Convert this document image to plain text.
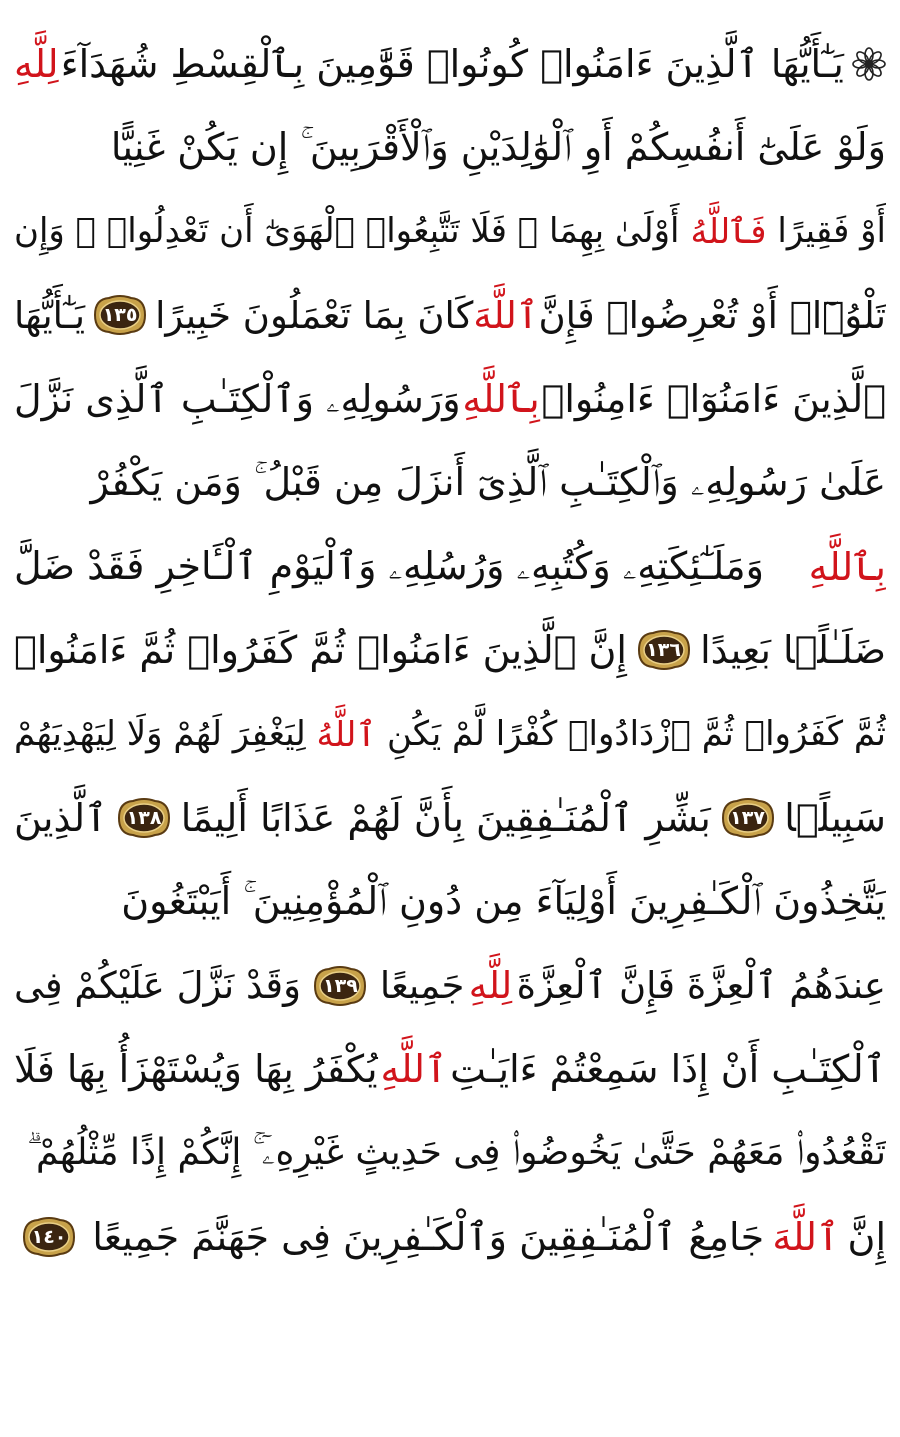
يَـٰٓأَيُّهَا ٱلَّذِينَ ءَامَنُوا۟ كُونُوا۟ قَوَّٰمِينَ بِٱلْقِسْطِ شُهَدَآءَ
لِلَّهِ
وَلَوْ عَلَىٰٓ أَنفُسِكُمْ أَوِ ٱلْوَٰلِدَيْنِ وَٱلْأَقْرَبِينَ ۚ إِن يَكُنْ غَنِيًّا
أَوْ فَقِيرًا
فَٱللَّهُ
أَوْلَىٰ بِهِمَا ۖ فَلَا تَتَّبِعُوا۟ ٱلْهَوَىٰٓ أَن تَعْدِلُوا۟ ۚ وَإِن
تَلْوُۥٓا۟ أَوْ تُعْرِضُوا۟ فَإِنَّ
ٱللَّهَ
كَانَ بِمَا تَعْمَلُونَ خَبِيرًا
١٣٥
يَـٰٓأَيُّهَا
ٱلَّذِينَ ءَامَنُوٓا۟ ءَامِنُوا۟
بِٱللَّهِ
وَرَسُولِهِۦ وَٱلْكِتَـٰبِ ٱلَّذِى نَزَّلَ
عَلَىٰ رَسُولِهِۦ وَٱلْكِتَـٰبِ ٱلَّذِىٓ أَنزَلَ مِن قَبْلُ ۚ وَمَن يَكْفُرْ
بِٱللَّهِ
وَمَلَـٰٓئِكَتِهِۦ وَكُتُبِهِۦ وَرُسُلِهِۦ وَٱلْيَوْمِ ٱلْـَٔاخِرِ فَقَدْ ضَلَّ
ضَلَـٰلًۢا بَعِيدًا
١٣٦
إِنَّ ٱلَّذِينَ ءَامَنُوا۟ ثُمَّ كَفَرُوا۟ ثُمَّ ءَامَنُوا۟
ثُمَّ كَفَرُوا۟ ثُمَّ ٱزْدَادُوا۟ كُفْرًا لَّمْ يَكُنِ
ٱللَّهُ
لِيَغْفِرَ لَهُمْ وَلَا لِيَهْدِيَهُمْ
سَبِيلًۢا
١٣٧
بَشِّرِ ٱلْمُنَـٰفِقِينَ بِأَنَّ لَهُمْ عَذَابًا أَلِيمًا
١٣٨
ٱلَّذِينَ
يَتَّخِذُونَ ٱلْكَـٰفِرِينَ أَوْلِيَآءَ مِن دُونِ ٱلْمُؤْمِنِينَ ۚ أَيَبْتَغُونَ
عِندَهُمُ ٱلْعِزَّةَ فَإِنَّ ٱلْعِزَّةَ
لِلَّهِ
جَمِيعًا
١٣٩
وَقَدْ نَزَّلَ عَلَيْكُمْ فِى
ٱلْكِتَـٰبِ أَنْ إِذَا سَمِعْتُمْ ءَايَـٰتِ
ٱللَّهِ
يُكْفَرُ بِهَا وَيُسْتَهْزَأُ بِهَا فَلَا
تَقْعُدُوا۟ مَعَهُمْ حَتَّىٰ يَخُوضُوا۟ فِى حَدِيثٍ غَيْرِهِۦٓ ۚ إِنَّكُمْ إِذًا مِّثْلُهُمْ ۗ
إِنَّ
ٱللَّهَ
جَامِعُ ٱلْمُنَـٰفِقِينَ وَٱلْكَـٰفِرِينَ فِى جَهَنَّمَ جَمِيعًا
١٤٠
